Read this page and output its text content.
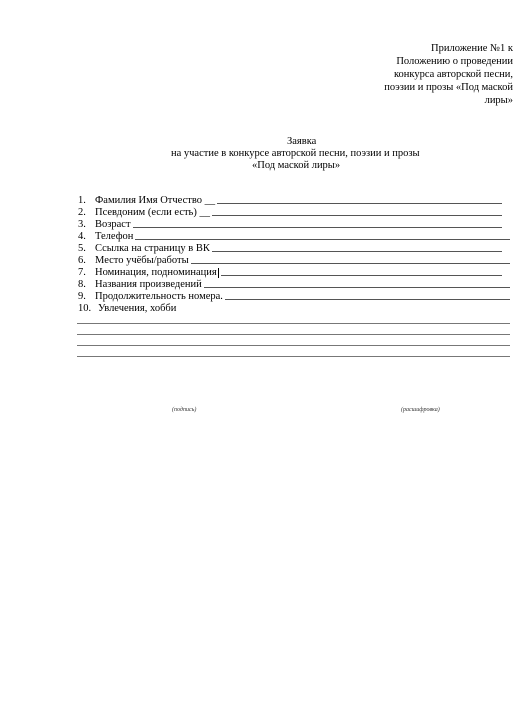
Приложение №1 к
Положению о проведении
конкурса авторской песни,
поэзии и прозы «Под маской
лиры»
Заявка
на участие в конкурсе авторской песни, поэзии и прозы
«Под маской лиры»
1. Фамилия Имя Отчество __
2. Псевдоним (если есть) __
3. Возраст
4. Телефон
5. Ссылка на страницу в ВК
6. Место учёбы/работы
7. Номинация, подноминация
8. Названия произведений
9. Продолжительность номера.
10. Увлечения, хобби
(подпись)	(расшифровка)
